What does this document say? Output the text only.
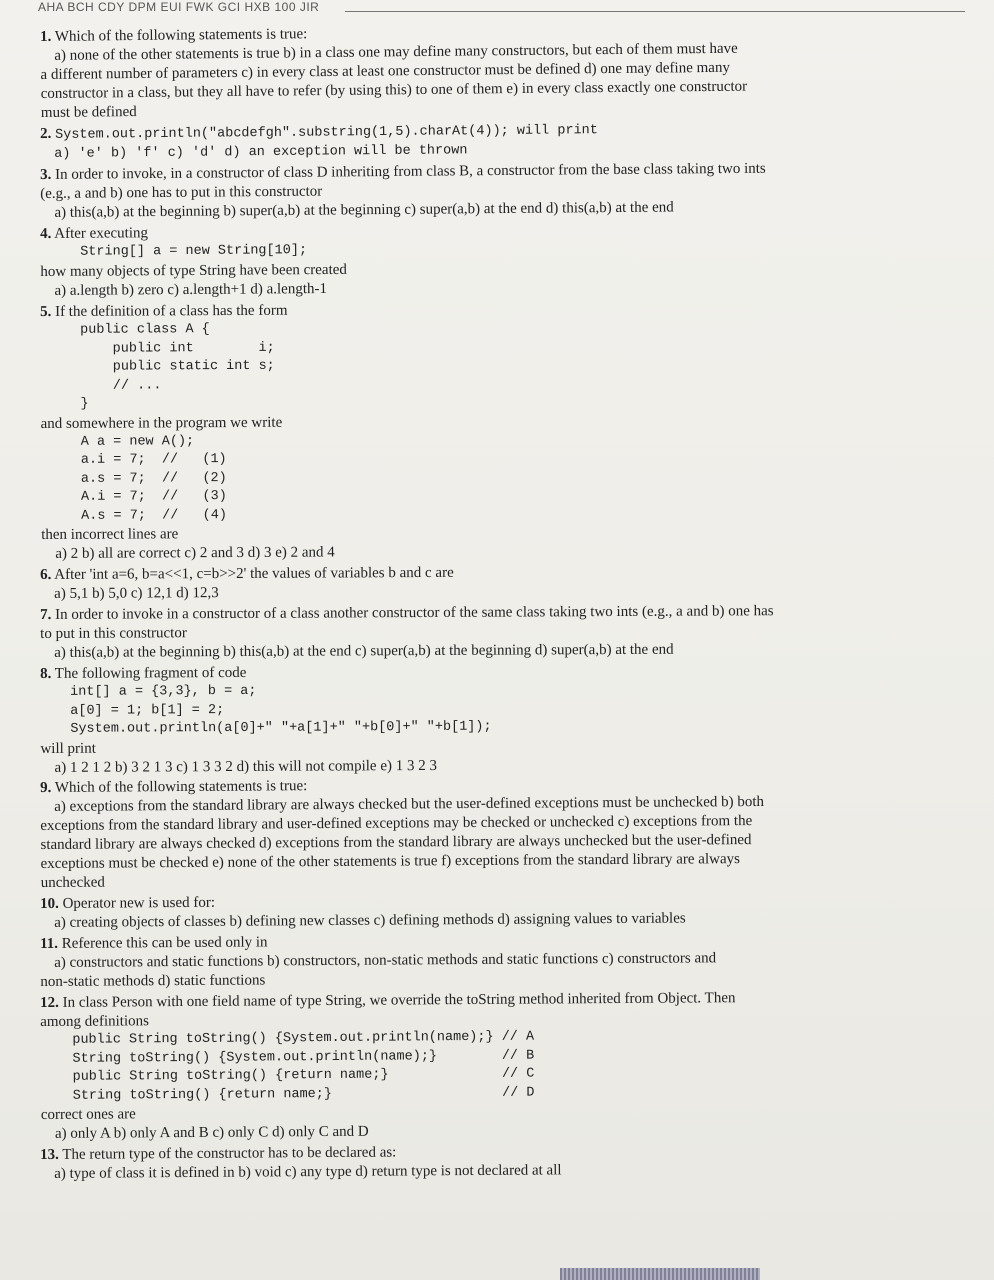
AHA BCH CDY DPM EUI FWK GCI HXB 100 JIR
1. Which of the following statements is true:
a) none of the other statements is true b) in a class one may define many constructors, but each of them must have
a different number of parameters c) in every class at least one constructor must be defined d) one may define many
constructor in a class, but they all have to refer (by using this) to one of them e) in every class exactly one constructor
must be defined
2. System.out.println("abcdefgh".substring(1,5).charAt(4)); will print
a) 'e' b) 'f' c) 'd' d) an exception will be thrown
3. In order to invoke, in a constructor of class D inheriting from class B, a constructor from the base class taking two ints
(e.g., a and b) one has to put in this constructor
a) this(a,b) at the beginning b) super(a,b) at the beginning c) super(a,b) at the end d) this(a,b) at the end
4. After executing
String[] a = new String[10];
how many objects of type String have been created
a) a.length b) zero c) a.length+1 d) a.length-1
5. If the definition of a class has the form
public class A {
public int        i;
public static int s;
// ...
}
and somewhere in the program we write
A a = new A();
a.i = 7;  //   (1)
a.s = 7;  //   (2)
A.i = 7;  //   (3)
A.s = 7;  //   (4)
then incorrect lines are
a) 2 b) all are correct c) 2 and 3 d) 3 e) 2 and 4
6. After 'int a=6, b=a<<1, c=b>>2' the values of variables b and c are
a) 5,1 b) 5,0 c) 12,1 d) 12,3
7. In order to invoke in a constructor of a class another constructor of the same class taking two ints (e.g., a and b) one has
to put in this constructor
a) this(a,b) at the beginning b) this(a,b) at the end c) super(a,b) at the beginning d) super(a,b) at the end
8. The following fragment of code
int[] a = {3,3}, b = a;
a[0] = 1; b[1] = 2;
System.out.println(a[0]+" "+a[1]+" "+b[0]+" "+b[1]);
will print
a) 1 2 1 2 b) 3 2 1 3 c) 1 3 3 2 d) this will not compile e) 1 3 2 3
9. Which of the following statements is true:
a) exceptions from the standard library are always checked but the user-defined exceptions must be unchecked b) both
exceptions from the standard library and user-defined exceptions may be checked or unchecked c) exceptions from the
standard library are always checked d) exceptions from the standard library are always unchecked but the user-defined
exceptions must be checked e) none of the other statements is true f) exceptions from the standard library are always
unchecked
10. Operator new is used for:
a) creating objects of classes b) defining new classes c) defining methods d) assigning values to variables
11. Reference this can be used only in
a) constructors and static functions b) constructors, non-static methods and static functions c) constructors and
non-static methods d) static functions
12. In class Person with one field name of type String, we override the toString method inherited from Object. Then
among definitions
public String toString() {System.out.println(name);} // A
String toString() {System.out.println(name);}        // B
public String toString() {return name;}              // C
String toString() {return name;}                     // D
correct ones are
a) only A b) only A and B c) only C d) only C and D
13. The return type of the constructor has to be declared as:
a) type of class it is defined in b) void c) any type d) return type is not declared at all
